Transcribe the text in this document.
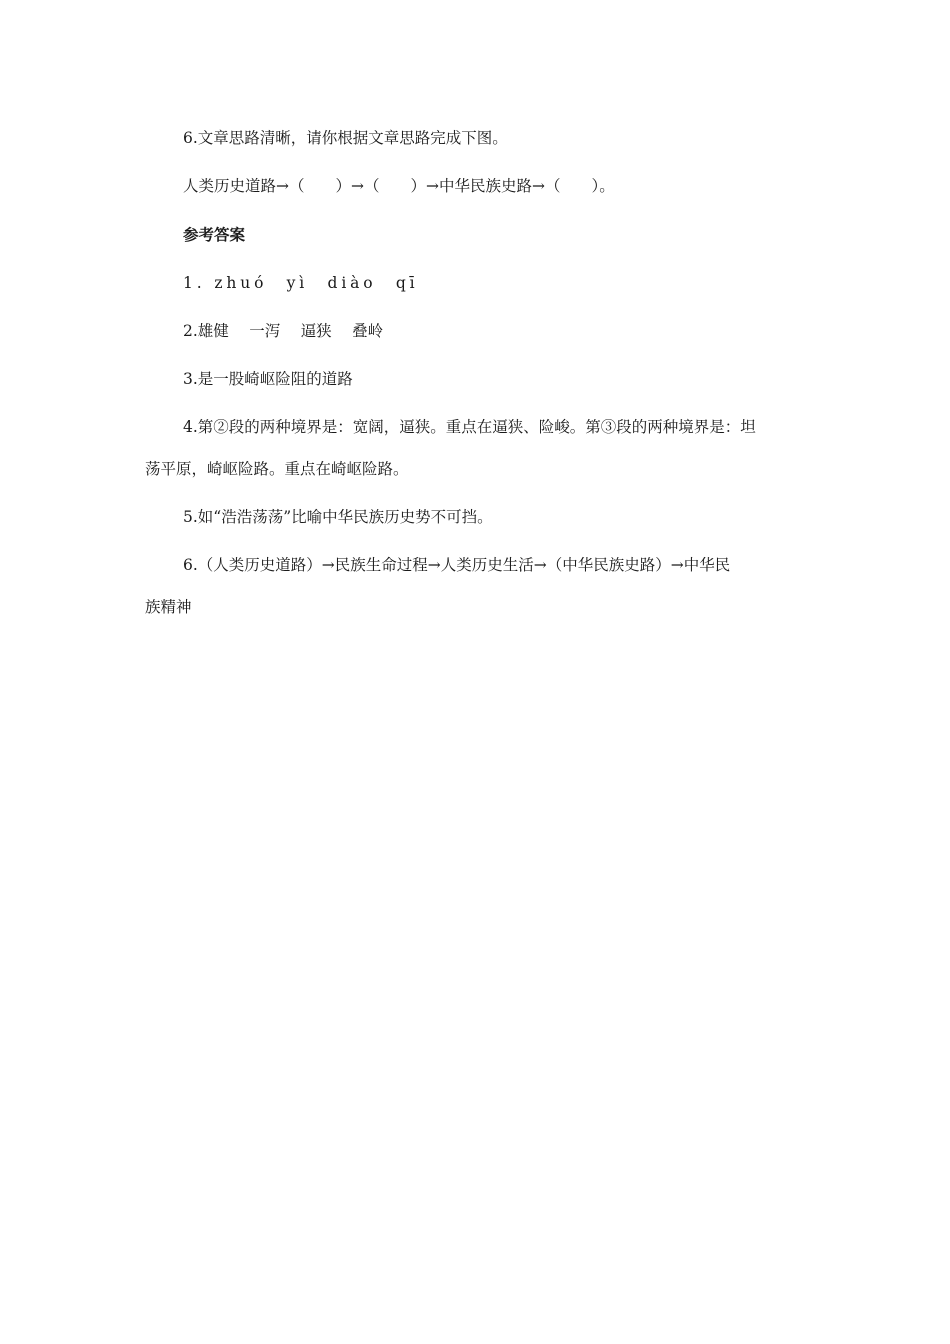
6.文章思路清晰，请你根据文章思路完成下图。
人类历史道路→（　　）→（　　）→中华民族史路→（　　）。
参考答案
1. zhuó　yì　diào　qī
2.雄健　 一泻　 逼狭　 叠岭
3.是一股崎岖险阻的道路
4.第②段的两种境界是：宽阔，逼狭。重点在逼狭、险峻。第③段的两种境界是：坦
荡平原，崎岖险路。重点在崎岖险路。
5.如“浩浩荡荡”比喻中华民族历史势不可挡。
6.（人类历史道路）→民族生命过程→人类历史生活→（中华民族史路）→中华民
族精神
